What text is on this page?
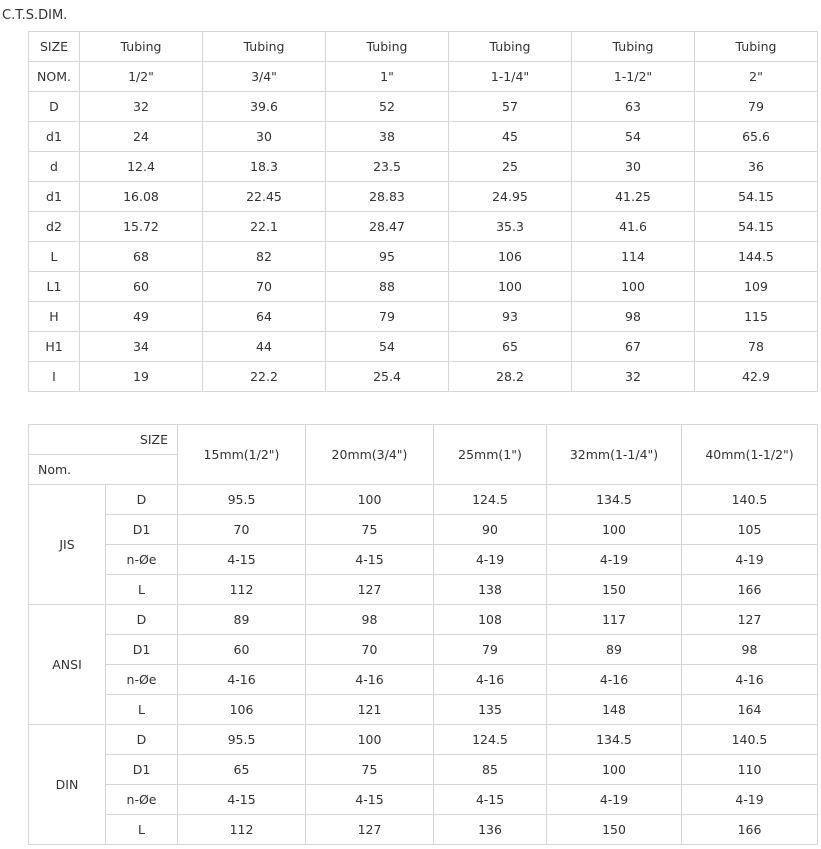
C.T.S.DIM.
SIZE	Tubing	Tubing	Tubing	Tubing	Tubing	Tubing
NOM.	1/2"	3/4"	1"	1-1/4"	1-1/2"	2"
D	32	39.6	52	57	63	79
d1	24	30	38	45	54	65.6
d	12.4	18.3	23.5	25	30	36
d1	16.08	22.45	28.83	24.95	41.25	54.15
d2	15.72	22.1	28.47	35.3	41.6	54.15
L	68	82	95	106	114	144.5
L1	60	70	88	100	100	109
H	49	64	79	93	98	115
H1	34	44	54	65	67	78
I	19	22.2	25.4	28.2	32	42.9
SIZE		15mm(1/2")	20mm(3/4")	25mm(1")	32mm(1-1/4")	40mm(1-1/2")
Nom.						
JIS	D	95.5	100	124.5	134.5	140.5
	D1	70	75	90	100	105
	n-Øe	4-15	4-15	4-19	4-19	4-19
	L	112	127	138	150	166
ANSI	D	89	98	108	117	127
	D1	60	70	79	89	98
	n-Øe	4-16	4-16	4-16	4-16	4-16
	L	106	121	135	148	164
DIN	D	95.5	100	124.5	134.5	140.5
	D1	65	75	85	100	110
	n-Øe	4-15	4-15	4-15	4-19	4-19
	L	112	127	136	150	166
